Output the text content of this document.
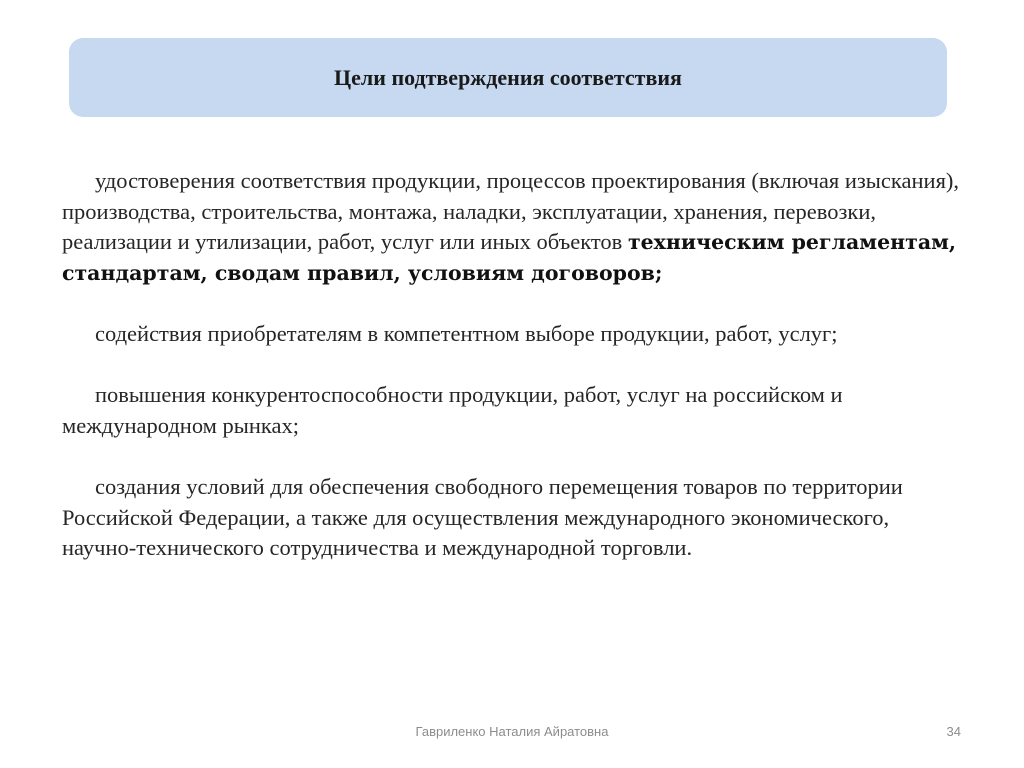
Цели подтверждения соответствия

удостоверения соответствия продукции, процессов проектирования (включая изыскания), производства, строительства, монтажа, наладки, эксплуатации, хранения, перевозки, реализации и утилизации, работ, услуг или иных объектов техническим регламентам, стандартам, сводам правил, условиям договоров;

содействия приобретателям в компетентном выборе продукции, работ, услуг;

повышения конкурентоспособности продукции, работ, услуг на российском и международном рынках;

создания условий для обеспечения свободного перемещения товаров по территории Российской Федерации, а также для осуществления международного экономического, научно-технического сотрудничества и международной торговли.

Гавриленко Наталия Айратовна	34
